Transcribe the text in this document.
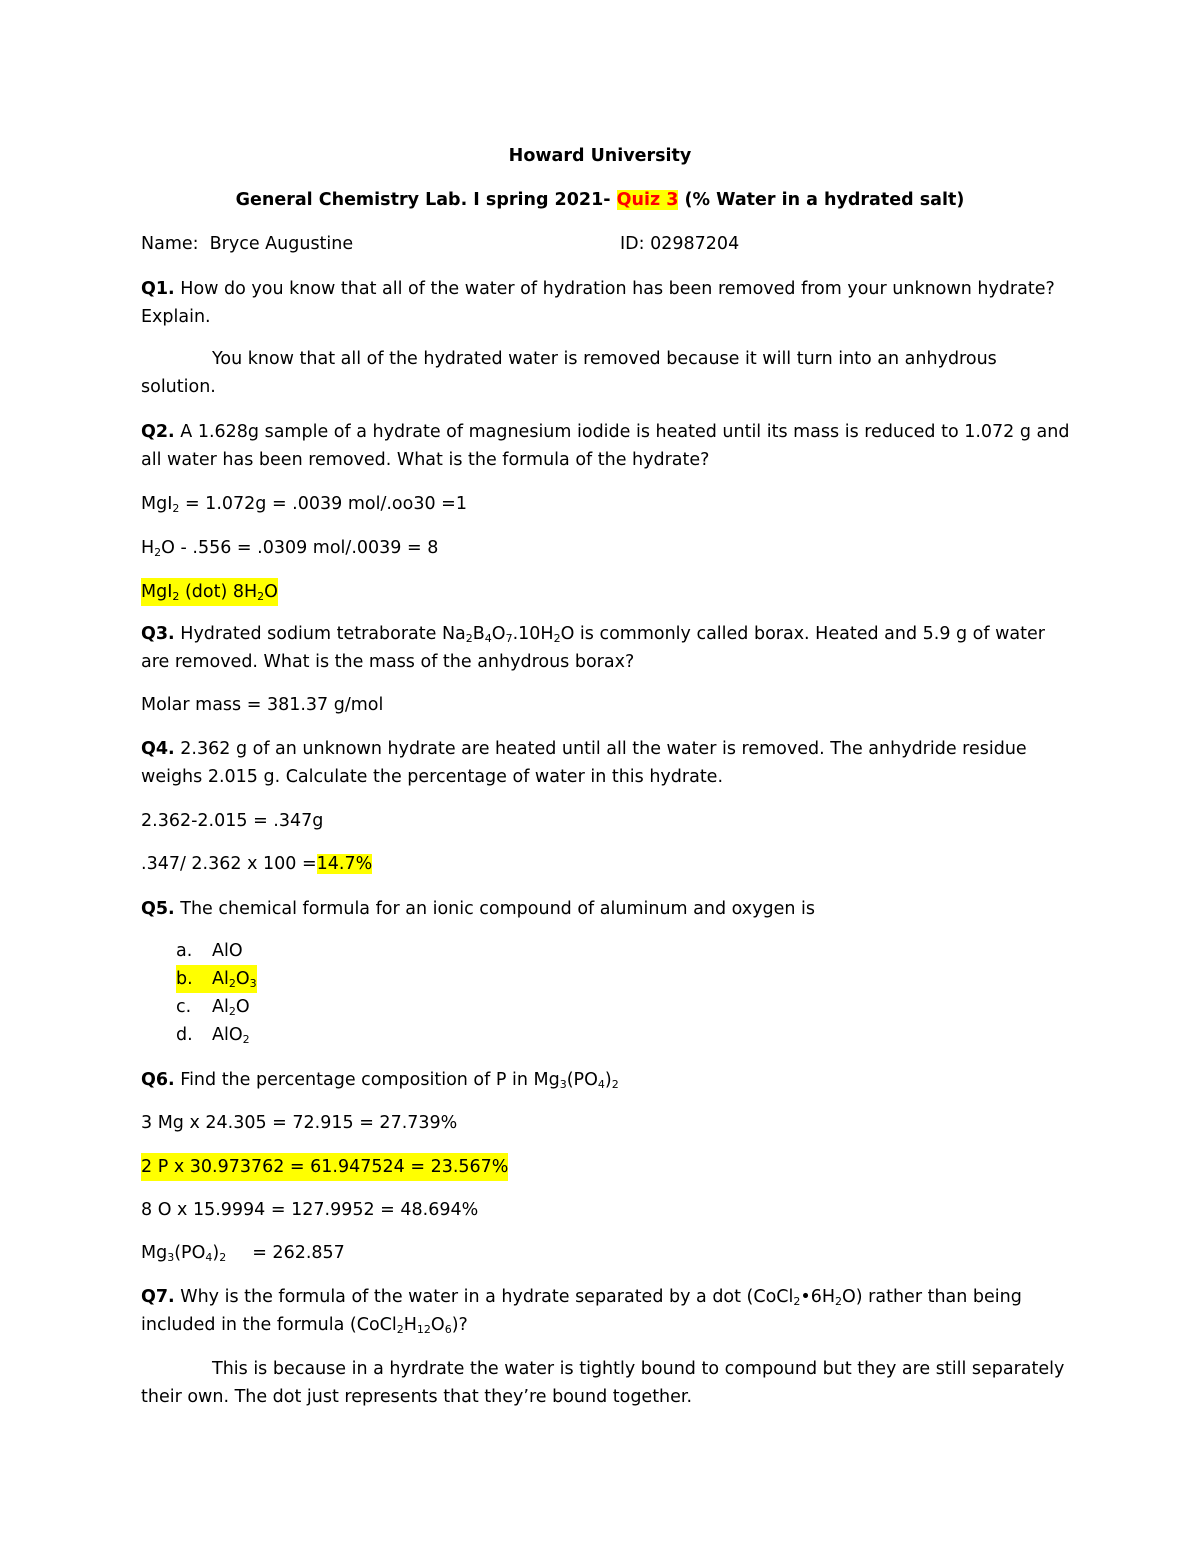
Howard University
General Chemistry Lab. I spring 2021- Quiz 3 (% Water in a hydrated salt)
Name: Bryce Augustine	ID: 02987204
Q1. How do you know that all of the water of hydration has been removed from your unknown hydrate?
Explain.
You know that all of the hydrated water is removed because it will turn into an anhydrous
solution.
Q2. A 1.628g sample of a hydrate of magnesium iodide is heated until its mass is reduced to 1.072 g and
all water has been removed. What is the formula of the hydrate?
MgI$_2$ = 1.072g = .0039 mol/.oo30 =1
$H_2O - .556 = .0309$ mol/.0039 = 8
MgI$_2$ (dot) $8H_2O$
Q3. Hydrated sodium tetraborate $Na_2B_4O_7.10H_2O$ is commonly called borax. Heated and 5.9 g of water
are removed. What is the mass of the anhydrous borax?
Molar mass = 381.37 g/mol
Q4. 2.362 g of an unknown hydrate are heated until all the water is removed. The anhydride residue
weighs 2.015 g. Calculate the percentage of water in this hydrate.
2.362-2.015 = .347g
.347/ 2.362 x 100 =14.7%
Q5. The chemical formula for an ionic compound of aluminum and oxygen is
a. AlO
b. $Al_2O_3$
c. $Al_2O$
d. AlO$_2$
Q6. Find the percentage composition of P in $Mg_3(PO_4)_2$
3 Mg x 24.305 = 72.915 = 27.739%
2 P x 30.973762 = 61.947524 = 23.567%
8 O x 15.9994 = 127.9952 = 48.694%
$Mg_3(PO_4)_2 = 262.857$
Q7. Why is the formula of the water in a hydrate separated by a dot $(CoCl_2•6H_2O)$ rather than being
included in the formula $(CoCl_2H_{12}O_6)$?
This is because in a hyrdrate the water is tightly bound to compound but they are still separately
their own. The dot just represents that they’re bound together.
